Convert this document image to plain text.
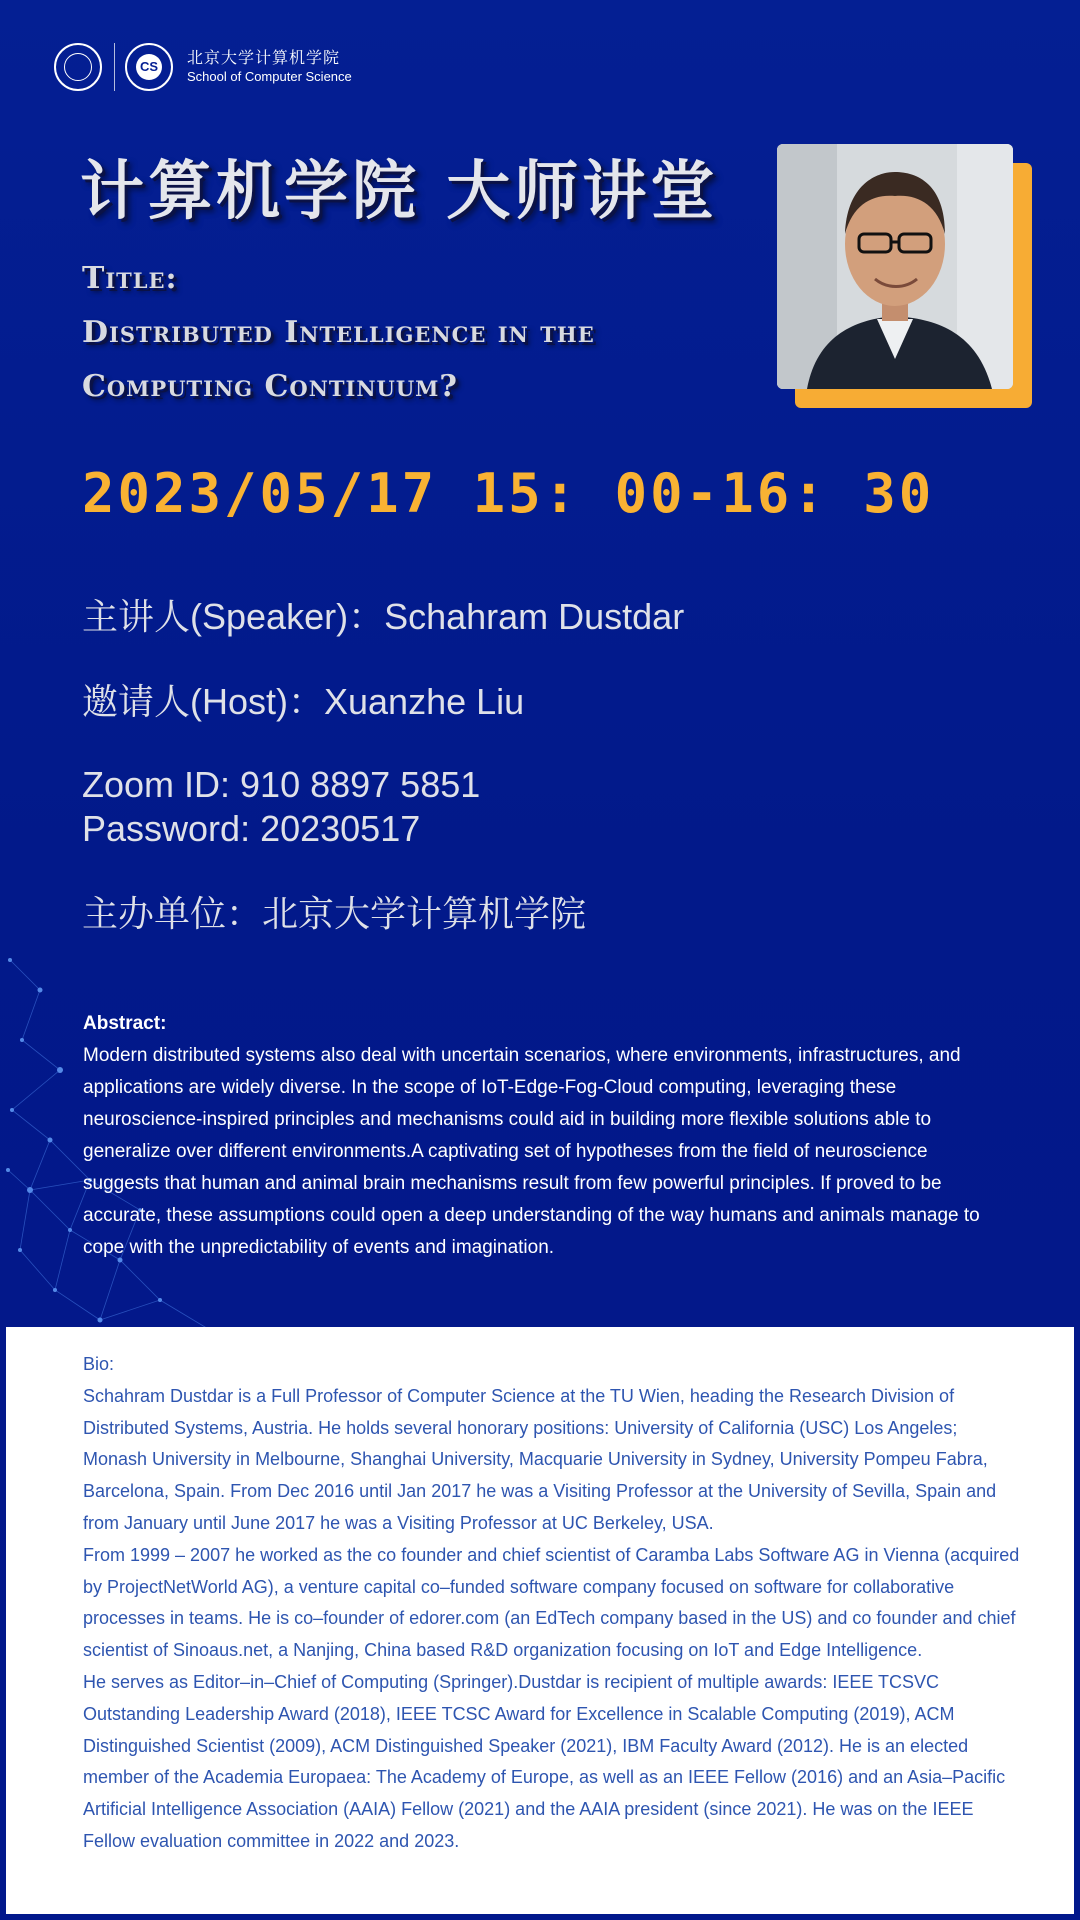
CS 北京大学计算机学院
School of Computer Science
计算机学院 大师讲堂
Title:
Distributed Intelligence in the
Computing Continuum?
2023/05/17 15: 00-16: 30
主讲人(Speaker)：Schahram Dustdar
邀请人(Host)：Xuanzhe Liu
Zoom ID: 910 8897 5851
Password: 20230517
主办单位：北京大学计算机学院
Abstract:
Modern distributed systems also deal with uncertain scenarios, where environments, infrastructures, and applications are widely diverse. In the scope of IoT-Edge-Fog-Cloud computing, leveraging these neuroscience-inspired principles and mechanisms could aid in building more flexible solutions able to generalize over different environments.A captivating set of hypotheses from the field of neuroscience suggests that human and animal brain mechanisms result from few powerful principles. If proved to be accurate, these assumptions could open a deep understanding of the way humans and animals manage to cope with the unpredictability of events and imagination.
Bio:
Schahram Dustdar is a Full Professor of Computer Science at the TU Wien, heading the Research Division of Distributed Systems, Austria. He holds several honorary positions: University of California (USC) Los Angeles; Monash University in Melbourne, Shanghai University, Macquarie University in Sydney, University Pompeu Fabra, Barcelona, Spain. From Dec 2016 until Jan 2017 he was a Visiting Professor at the University of Sevilla, Spain and from January until June 2017 he was a Visiting Professor at UC Berkeley, USA.
From 1999 – 2007 he worked as the co founder and chief scientist of Caramba Labs Software AG in Vienna (acquired by ProjectNetWorld AG), a venture capital co–funded software company focused on software for collaborative processes in teams. He is co–founder of edorer.com (an EdTech company based in the US) and co founder and chief scientist of Sinoaus.net, a Nanjing, China based R&D organization focusing on IoT and Edge Intelligence.
He serves as Editor–in–Chief of Computing (Springer).Dustdar is recipient of multiple awards: IEEE TCSVC Outstanding Leadership Award (2018), IEEE TCSC Award for Excellence in Scalable Computing (2019), ACM Distinguished Scientist (2009), ACM Distinguished Speaker (2021), IBM Faculty Award (2012). He is an elected member of the Academia Europaea: The Academy of Europe, as well as an IEEE Fellow (2016) and an Asia–Pacific Artificial Intelligence Association (AAIA) Fellow (2021) and the AAIA president (since 2021). He was on the IEEE Fellow evaluation committee in 2022 and 2023.
